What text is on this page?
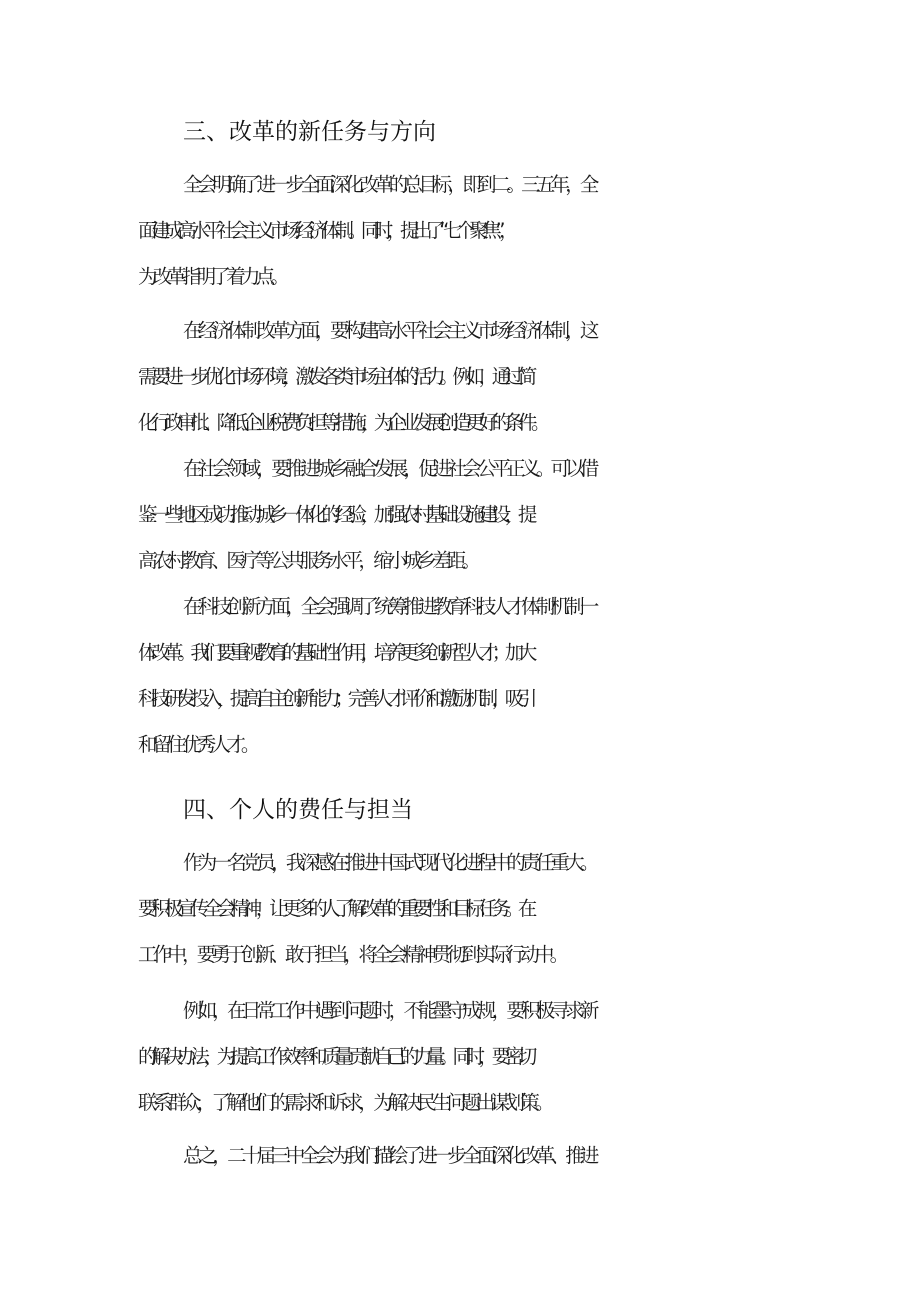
三、改革的新任务与方向
全会明确了进一步全面深化改革的总目标，即到二。三五年，全
面建成高水平社会主义市场经济体制。同时，提出了“七个聚焦”，
为改革指明了着力点。
在经济体制改革方面，要构建高水平社会主义市场经济体制，这
需要进一步优化市场环境，激发各类市场主体的活力。例如，通过简
化行政审批、降低企业税费负担等措施，为企业发展创造更好的条件。
在社会领域，要推进城乡融合发展，促进社会公平正义。可以借
鉴一些地区成功推动城乡一体化的经验，加强农村基础设施建设，提
高农村教育、医疗等公共服务水平，缩小城乡差距。
在科技创新方面，全会强调了统筹推进教育科技人才体制机制一
体改革。我们要重视教育的基础性作用，培养更多创新型人才；加大
科技研发投入，提高自主创新能力；完善人才评价和激励机制，吸引
和留住优秀人才。
四、个人的费任与担当
作为一名党员，我深感在推进中国式现代化进程中的责任重大。
要积极宣传全会精神，让更多的人了解改革的重要性和目标任务。在
工作中，要勇于创新、敢于担当，将全会精神贯彻到实际行动中。
例如，在日常工作中遇到问题时，不能墨守成规，要积极寻求新
的解决办法，为提高工作效率和质量贡献自己的力量。同时，要密切
联系群众，了解他们的需求和诉求，为解决民生问题出谋划策。
总之，二十届三中全会为我们描绘了进一步全面深化改革、推进
